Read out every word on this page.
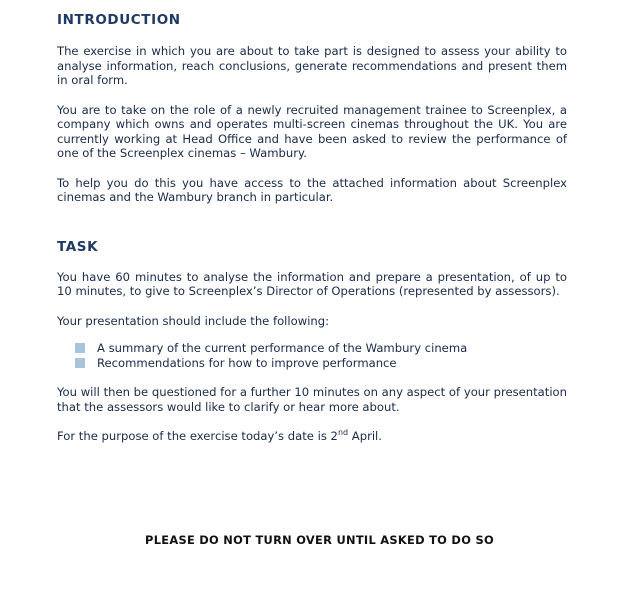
INTRODUCTION

The exercise in which you are about to take part is designed to assess your ability to analyse information, reach conclusions, generate recommendations and present them in oral form.

You are to take on the role of a newly recruited management trainee to Screenplex, a company which owns and operates multi-screen cinemas throughout the UK. You are currently working at Head Office and have been asked to review the performance of one of the Screenplex cinemas – Wambury.

To help you do this you have access to the attached information about Screenplex cinemas and the Wambury branch in particular.

TASK

You have 60 minutes to analyse the information and prepare a presentation, of up to 10 minutes, to give to Screenplex’s Director of Operations (represented by assessors).

Your presentation should include the following:

A summary of the current performance of the Wambury cinema
Recommendations for how to improve performance

You will then be questioned for a further 10 minutes on any aspect of your presentation that the assessors would like to clarify or hear more about.

For the purpose of the exercise today’s date is 2nd April.

PLEASE DO NOT TURN OVER UNTIL ASKED TO DO SO
